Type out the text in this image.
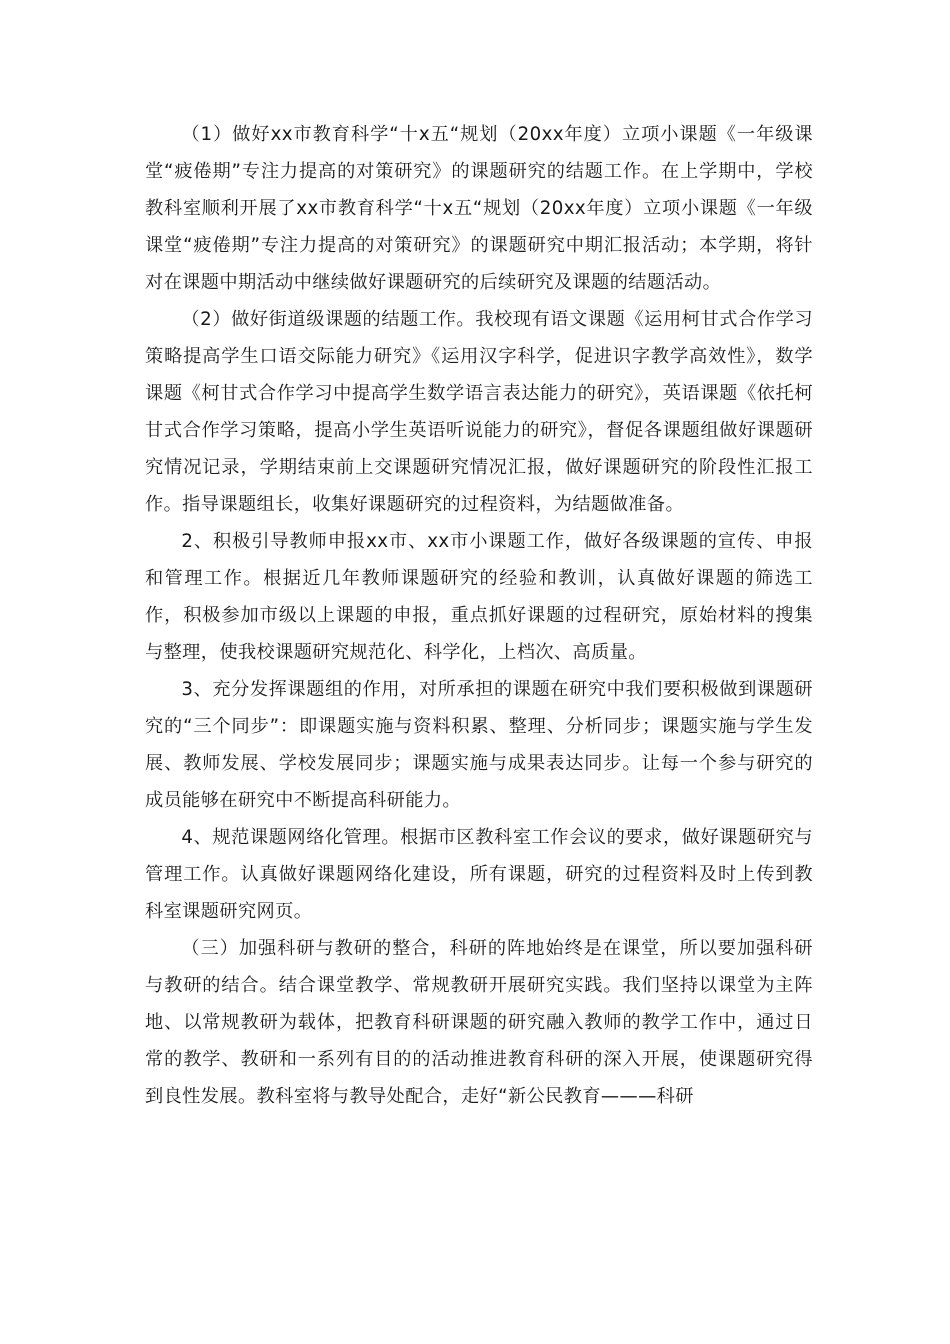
（1）做好xx市教育科学“十x五“规划（20xx年度）立项小课题《一年级课堂“疲倦期”专注力提高的对策研究》的课题研究的结题工作。在上学期中，学校教科室顺利开展了xx市教育科学“十x五“规划（20xx年度）立项小课题《一年级课堂“疲倦期”专注力提高的对策研究》的课题研究中期汇报活动；本学期，将针对在课题中期活动中继续做好课题研究的后续研究及课题的结题活动。

（2）做好街道级课题的结题工作。我校现有语文课题《运用柯甘式合作学习策略提高学生口语交际能力研究》《运用汉字科学，促进识字教学高效性》，数学课题《柯甘式合作学习中提高学生数学语言表达能力的研究》，英语课题《依托柯甘式合作学习策略，提高小学生英语听说能力的研究》，督促各课题组做好课题研究情况记录，学期结束前上交课题研究情况汇报，做好课题研究的阶段性汇报工作。指导课题组长，收集好课题研究的过程资料，为结题做准备。

2、积极引导教师申报xx市、xx市小课题工作，做好各级课题的宣传、申报和管理工作。根据近几年教师课题研究的经验和教训，认真做好课题的筛选工作，积极参加市级以上课题的申报，重点抓好课题的过程研究，原始材料的搜集与整理，使我校课题研究规范化、科学化，上档次、高质量。

3、充分发挥课题组的作用，对所承担的课题在研究中我们要积极做到课题研究的“三个同步”：即课题实施与资料积累、整理、分析同步；课题实施与学生发展、教师发展、学校发展同步；课题实施与成果表达同步。让每一个参与研究的成员能够在研究中不断提高科研能力。

4、规范课题网络化管理。根据市区教科室工作会议的要求，做好课题研究与管理工作。认真做好课题网络化建设，所有课题，研究的过程资料及时上传到教科室课题研究网页。

（三）加强科研与教研的整合，科研的阵地始终是在课堂，所以要加强科研与教研的结合。结合课堂教学、常规教研开展研究实践。我们坚持以课堂为主阵地、以常规教研为载体，把教育科研课题的研究融入教师的教学工作中，通过日常的教学、教研和一系列有目的的活动推进教育科研的深入开展，使课题研究得到良性发展。教科室将与教导处配合，走好“新公民教育———科研
